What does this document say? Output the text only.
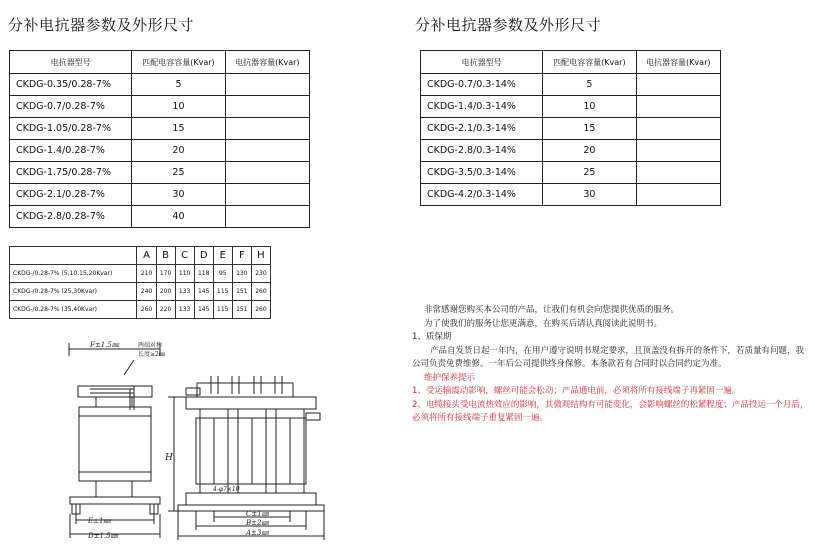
分补电抗器参数及外形尺寸	分补电抗器参数及外形尺寸
电抗器型号	匹配电容容量(Kvar)	电抗器容量(Kvar)
CKDG-0.35/0.28-7%	5	
CKDG-0.7/0.28-7%	10	
CKDG-1.05/0.28-7%	15	
CKDG-1.4/0.28-7%	20	
CKDG-1.75/0.28-7%	25	
CKDG-2.1/0.28-7%	30	
CKDG-2.8/0.28-7%	40	
电抗器型号	匹配电容容量(Kvar)	电抗器容量(Kvar)
CKDG-0.7/0.3-14%	5	
CKDG-1.4/0.3-14%	10	
CKDG-2.1/0.3-14%	15	
CKDG-2.8/0.3-14%	20	
CKDG-3.5/0.3-14%	25	
CKDG-4.2/0.3-14%	30	
	A	B	C	D	E	F	H
CKDG-/0.28-7% (5,10,15,20Kvar)	210	170	110	118	95	130	230
CKDG-/0.28-7% (25,30Kvar)	240	200	133	145	115	151	260
CKDG-/0.28-7% (35,40Kvar)	260	220	133	145	115	151	260
F±1.5㎜	两端对称
长度≥2㎜
E±1㎜
D±1.5㎜
H
4-φ7×10
C±1㎜
B±2㎜
A±3㎜
非常感谢您购买本公司的产品，让我们有机会向您提供优质的服务。
为了使我们的服务让您更满意，在购买后请认真阅读此说明书。
1、质保期
产品自发货日起一年内，在用户遵守说明书规定要求，且顶盖没有拆开的条件下，若质量有问题，我公司负责免费维修。一年后公司提供终身保修。本条款若有合同时以合同约定为准。
维护保养提示
1、受运输震动影响，螺丝可能会松动；产品通电前，必须将所有接线端子再紧固一遍。
2、电缆接头受电流热效应的影响，其微观结构有可能变化，会影响螺丝的松紧程度；产品投运一个月后，必须将所有接线端子重复紧固一遍。
